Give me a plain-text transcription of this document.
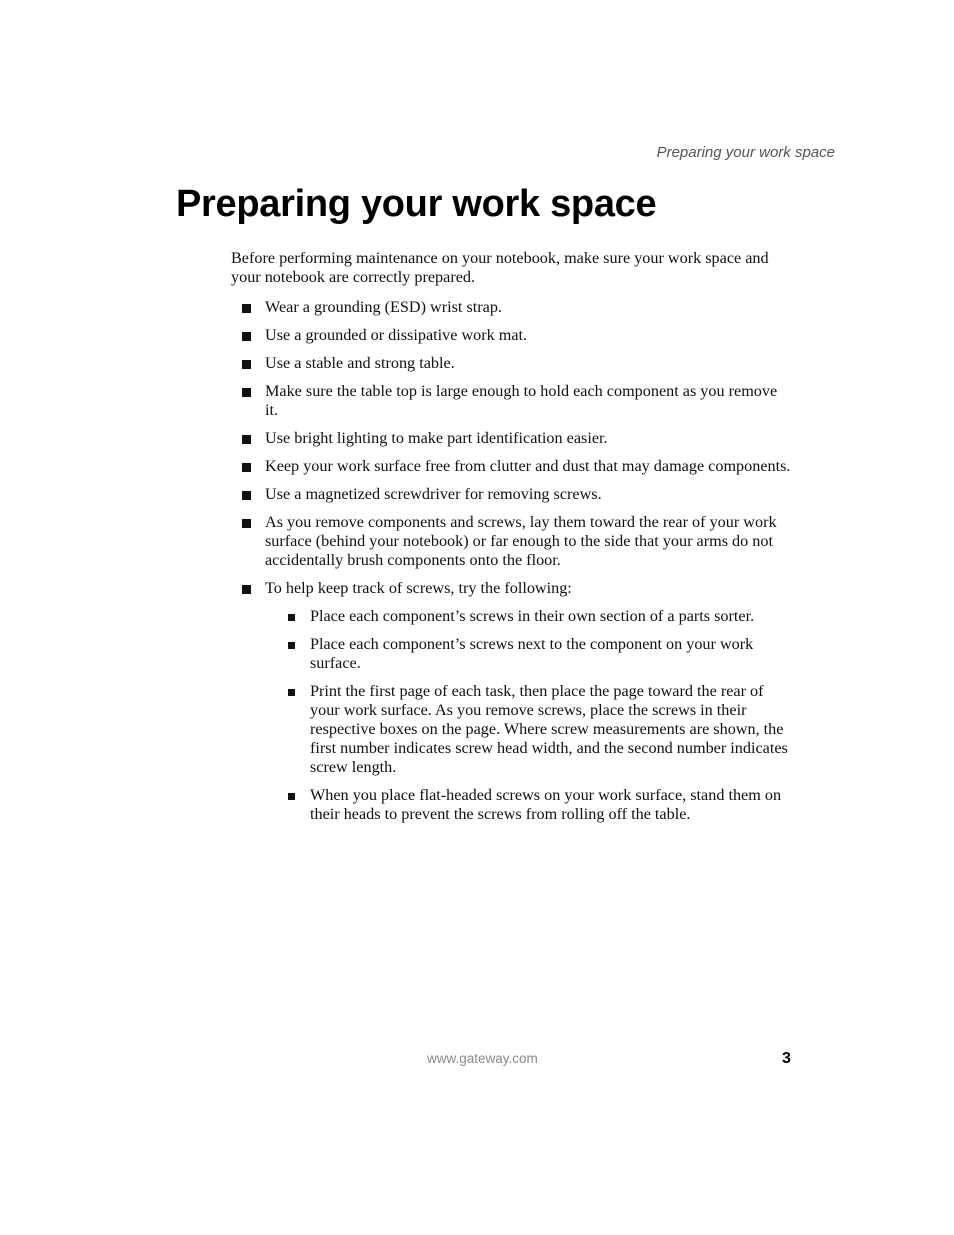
Preparing your work space
Preparing your work space

Before performing maintenance on your notebook, make sure your work space and your notebook are correctly prepared.

Wear a grounding (ESD) wrist strap.
Use a grounded or dissipative work mat.
Use a stable and strong table.
Make sure the table top is large enough to hold each component as you remove it.
Use bright lighting to make part identification easier.
Keep your work surface free from clutter and dust that may damage components.
Use a magnetized screwdriver for removing screws.
As you remove components and screws, lay them toward the rear of your work surface (behind your notebook) or far enough to the side that your arms do not accidentally brush components onto the floor.
To help keep track of screws, try the following:
Place each component’s screws in their own section of a parts sorter.
Place each component’s screws next to the component on your work surface.
Print the first page of each task, then place the page toward the rear of your work surface. As you remove screws, place the screws in their respective boxes on the page. Where screw measurements are shown, the first number indicates screw head width, and the second number indicates screw length.
When you place flat-headed screws on your work surface, stand them on their heads to prevent the screws from rolling off the table.
www.gateway.com	3
